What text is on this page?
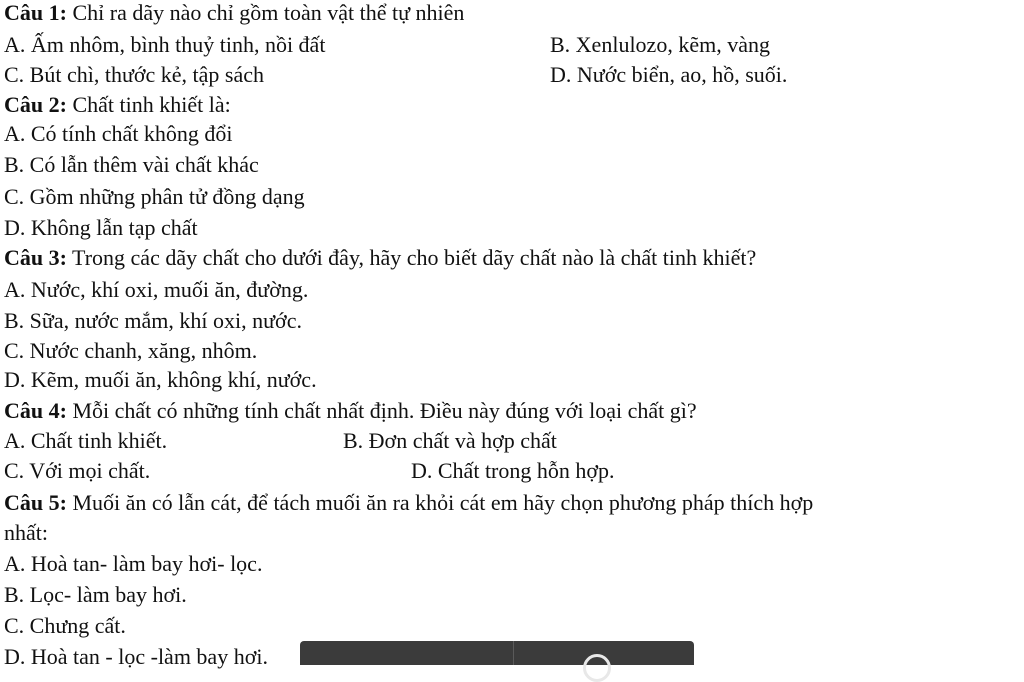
Câu 1: Chỉ ra dãy nào chỉ gồm toàn vật thể tự nhiên
A. Ấm nhôm, bình thuỷ tinh, nồi đất	B. Xenlulozo, kẽm, vàng
C. Bút chì, thước kẻ, tập sách	D. Nước biển, ao, hồ, suối.
Câu 2: Chất tinh khiết là:
A. Có tính chất không đổi
B. Có lẫn thêm vài chất khác
C. Gồm những phân tử đồng dạng
D. Không lẫn tạp chất
Câu 3: Trong các dãy chất cho dưới đây, hãy cho biết dãy chất nào là chất tinh khiết?
A. Nước, khí oxi, muối ăn, đường.
B. Sữa, nước mắm, khí oxi, nước.
C. Nước chanh, xăng, nhôm.
D. Kẽm, muối ăn, không khí, nước.
Câu 4: Mỗi chất có những tính chất nhất định. Điều này đúng với loại chất gì?
A. Chất tinh khiết.	B. Đơn chất và hợp chất
C. Với mọi chất.	D. Chất trong hỗn hợp.
Câu 5: Muối ăn có lẫn cát, để tách muối ăn ra khỏi cát em hãy chọn phương pháp thích hợp
nhất:
A. Hoà tan- làm bay hơi- lọc.
B. Lọc- làm bay hơi.
C. Chưng cất.
D. Hoà tan - lọc -làm bay hơi.
